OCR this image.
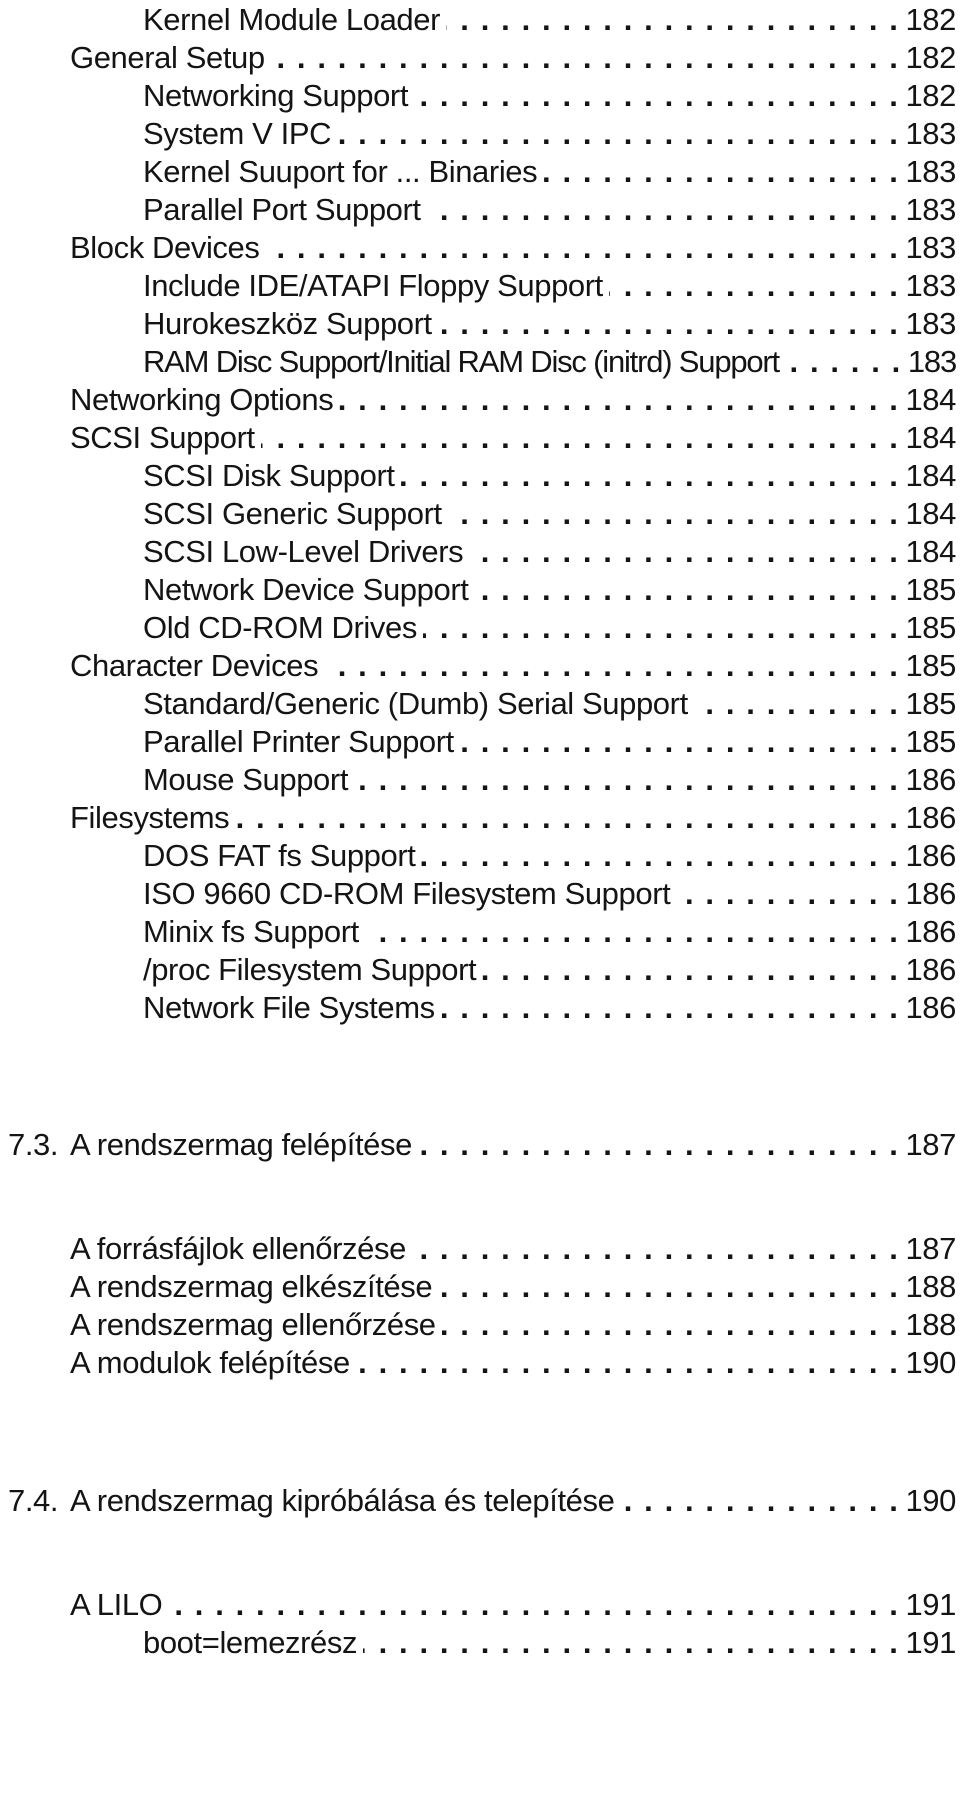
Kernel Module Loader . . .	182
General Setup . . .	182
Networking Support . . .	182
System V IPC . . .	183
Kernel Suuport for ... Binaries . . .	183
Parallel Port Support . . .	183
Block Devices . . .	183
Include IDE/ATAPI Floppy Support . . .	183
Hurokeszköz Support . . .	183
RAM Disc Support/Initial RAM Disc (initrd) Support . . .	183
Networking Options . . .	184
SCSI Support . . .	184
SCSI Disk Support . . .	184
SCSI Generic Support . . .	184
SCSI Low-Level Drivers . . .	184
Network Device Support . . .	185
Old CD-ROM Drives . . .	185
Character Devices . . .	185
Standard/Generic (Dumb) Serial Support . . .	185
Parallel Printer Support . . .	185
Mouse Support . . .	186
Filesystems . . .	186
DOS FAT fs Support . . .	186
ISO 9660 CD-ROM Filesystem Support . . .	186
Minix fs Support . . .	186
/proc Filesystem Support . . .	186
Network File Systems . . .	186
7.3. A rendszermag felépítése . . .	187
A forrásfájlok ellenőrzése . . .	187
A rendszermag elkészítése . . .	188
A rendszermag ellenőrzése . . .	188
A modulok felépítése . . .	190
7.4. A rendszermag kipróbálása és telepítése . . .	190
A LILO . . .	191
boot=lemezrész . . .	191
